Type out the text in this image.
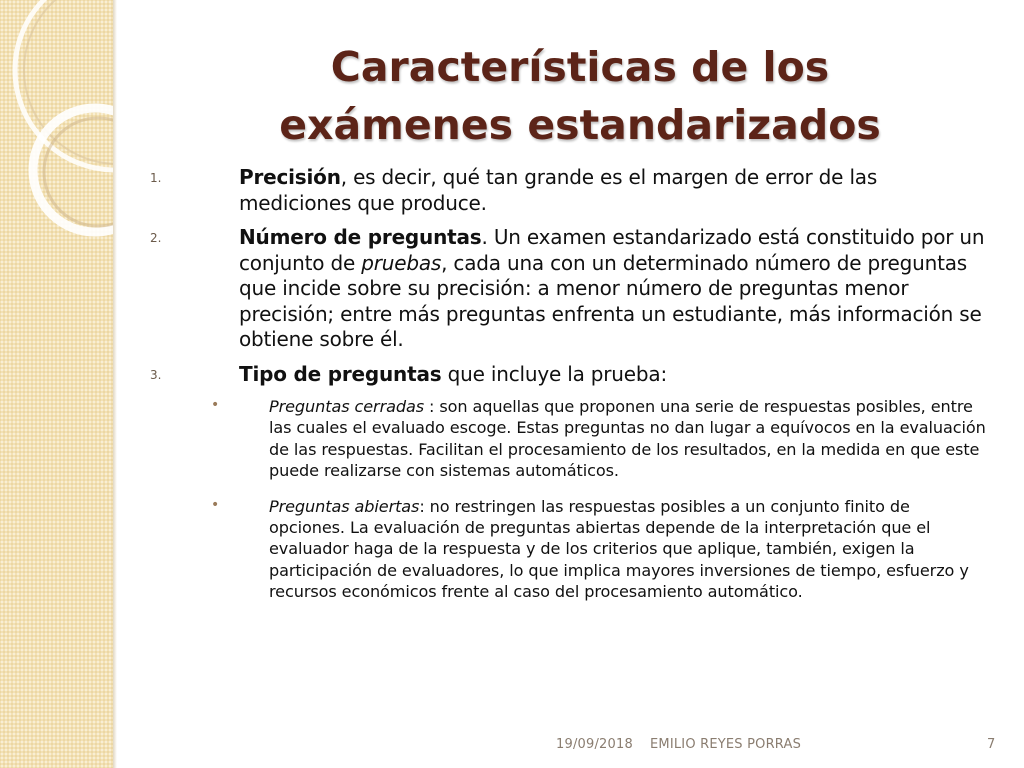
Características de los
exámenes estandarizados
1.	Precisión, es decir, qué tan grande es el margen de error de las mediciones que produce.
2.	Número de preguntas. Un examen estandarizado está constituido por un conjunto de pruebas, cada una con un determinado número de preguntas que incide sobre su precisión: a menor número de preguntas menor precisión; entre más preguntas enfrenta un estudiante, más información se obtiene sobre él.
3.	Tipo de preguntas que incluye la prueba:
•	Preguntas cerradas : son aquellas que proponen una serie de respuestas posibles, entre las cuales el evaluado escoge. Estas preguntas no dan lugar a equívocos en la evaluación de las respuestas. Facilitan el procesamiento de los resultados, en la medida en que este puede realizarse con sistemas automáticos.
•	Preguntas abiertas: no restringen las respuestas posibles a un conjunto finito de opciones. La evaluación de preguntas abiertas depende de la interpretación que el evaluador haga de la respuesta y de los criterios que aplique, también, exigen la participación de evaluadores, lo que implica mayores inversiones de tiempo, esfuerzo y recursos económicos frente al caso del procesamiento automático.
19/09/2018 EMILIO REYES PORRAS	7
